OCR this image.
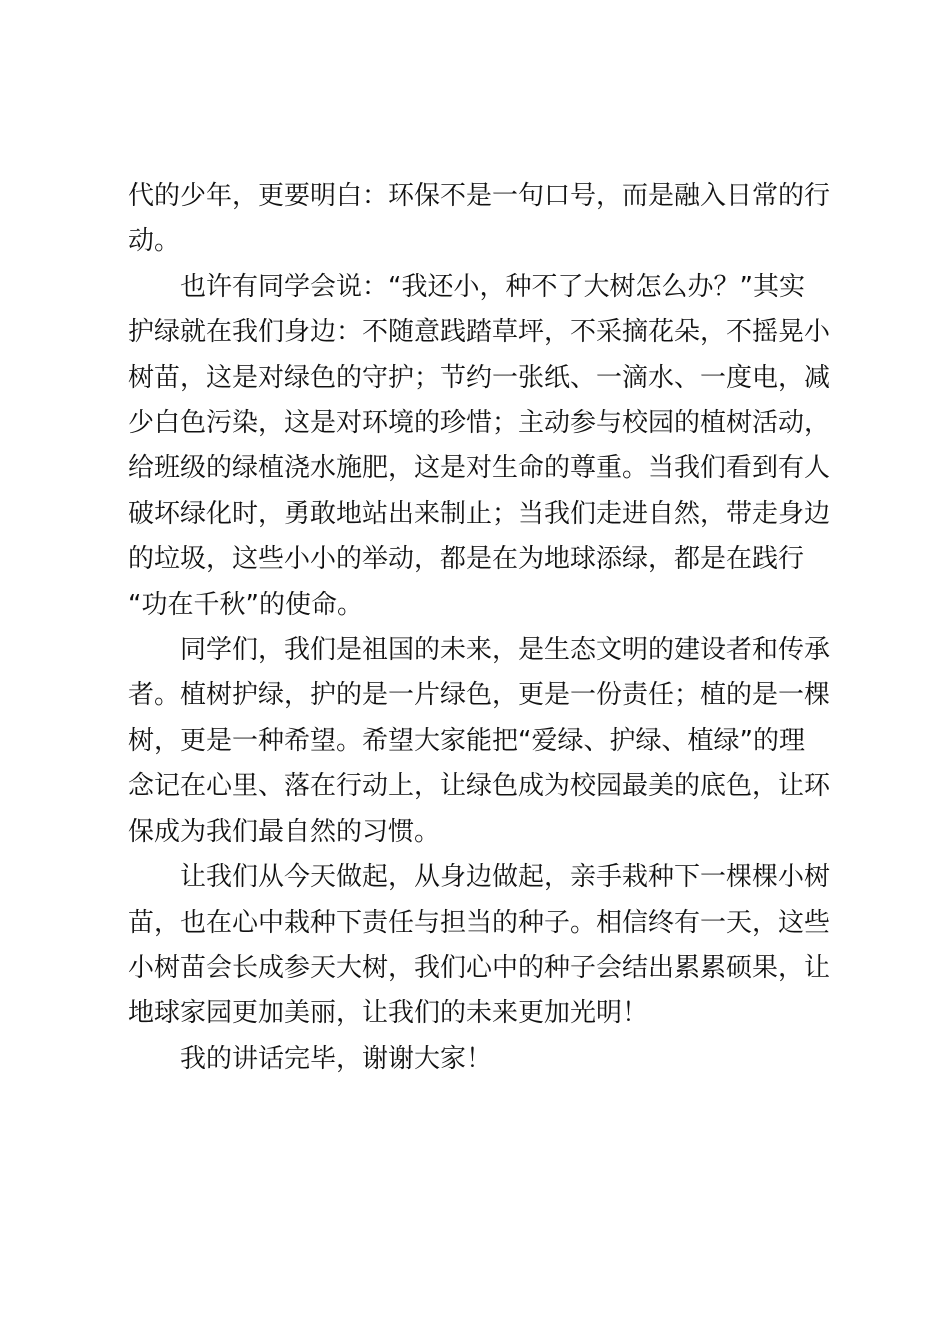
代的少年，更要明白：环保不是一句口号，而是融入日常的行
动。

也许有同学会说：“我还小，种不了大树怎么办？”其实
护绿就在我们身边：不随意践踏草坪，不采摘花朵，不摇晃小
树苗，这是对绿色的守护；节约一张纸、一滴水、一度电，减
少白色污染，这是对环境的珍惜；主动参与校园的植树活动，
给班级的绿植浇水施肥，这是对生命的尊重。当我们看到有人
破坏绿化时，勇敢地站出来制止；当我们走进自然，带走身边
的垃圾，这些小小的举动，都是在为地球添绿，都是在践行
“功在千秋”的使命。

同学们，我们是祖国的未来，是生态文明的建设者和传承
者。植树护绿，护的是一片绿色，更是一份责任；植的是一棵
树，更是一种希望。希望大家能把“爱绿、护绿、植绿”的理
念记在心里、落在行动上，让绿色成为校园最美的底色，让环
保成为我们最自然的习惯。

让我们从今天做起，从身边做起，亲手栽种下一棵棵小树
苗，也在心中栽种下责任与担当的种子。相信终有一天，这些
小树苗会长成参天大树，我们心中的种子会结出累累硕果，让
地球家园更加美丽，让我们的未来更加光明！

我的讲话完毕，谢谢大家！
